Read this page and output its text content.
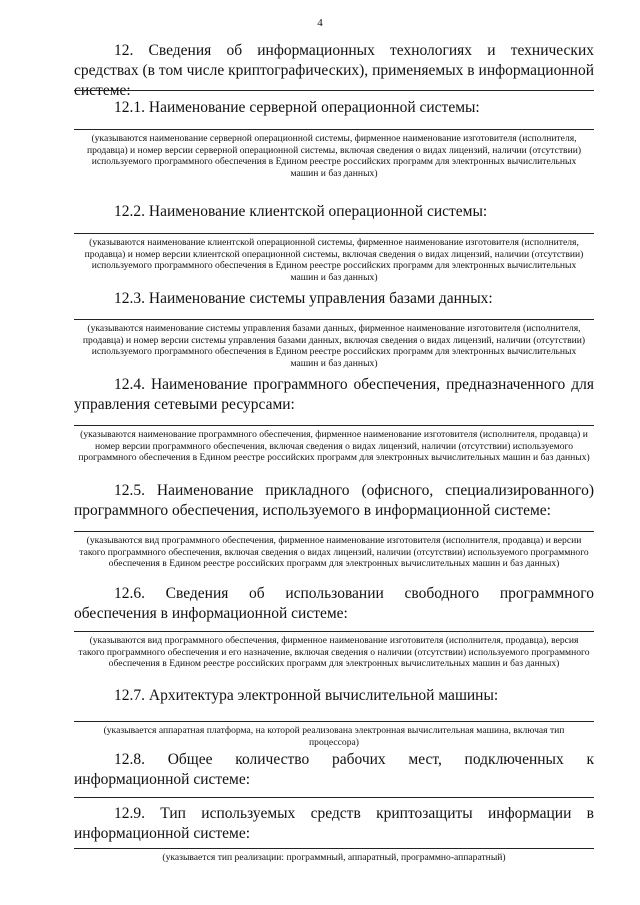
4
12. Сведения об информационных технологиях и технических средствах (в том числе криптографических), применяемых в информационной системе:
12.1. Наименование серверной операционной системы:
(указываются наименование серверной операционной системы, фирменное наименование изготовителя (исполнителя, продавца) и номер версии серверной операционной системы, включая сведения о видах лицензий, наличии (отсутствии) используемого программного обеспечения в Едином реестре российских программ для электронных вычислительных машин и баз данных)
12.2. Наименование клиентской операционной системы:
(указываются наименование клиентской операционной системы, фирменное наименование изготовителя (исполнителя, продавца) и номер версии клиентской операционной системы, включая сведения о видах лицензий, наличии (отсутствии) используемого программного обеспечения в Едином реестре российских программ для электронных вычислительных машин и баз данных)
12.3. Наименование системы управления базами данных:
(указываются наименование системы управления базами данных, фирменное наименование изготовителя (исполнителя, продавца) и номер версии системы управления базами данных, включая сведения о видах лицензий, наличии (отсутствии) используемого программного обеспечения в Едином реестре российских программ для электронных вычислительных машин и баз данных)
12.4. Наименование программного обеспечения, предназначенного для управления сетевыми ресурсами:
(указываются наименование программного обеспечения, фирменное наименование изготовителя (исполнителя, продавца) и номер версии программного обеспечения, включая сведения о видах лицензий, наличии (отсутствии) используемого программного обеспечения в Едином реестре российских программ для электронных вычислительных машин и баз данных)
12.5. Наименование прикладного (офисного, специализированного) программного обеспечения, используемого в информационной системе:
(указываются вид программного обеспечения, фирменное наименование изготовителя (исполнителя, продавца) и версии такого программного обеспечения, включая сведения о видах лицензий, наличии (отсутствии) используемого программного обеспечения в Едином реестре российских программ для электронных вычислительных машин и баз данных)
12.6. Сведения об использовании свободного программного обеспечения в информационной системе:
(указываются вид программного обеспечения, фирменное наименование изготовителя (исполнителя, продавца), версия такого программного обеспечения и его назначение, включая сведения о наличии (отсутствии) используемого программного обеспечения в Едином реестре российских программ для электронных вычислительных машин и баз данных)
12.7. Архитектура электронной вычислительной машины:
(указывается аппаратная платформа, на которой реализована электронная вычислительная машина, включая тип процессора)
12.8. Общее количество рабочих мест, подключенных к информационной системе:
12.9. Тип используемых средств криптозащиты информации в информационной системе:
(указывается тип реализации: программный, аппаратный, программно-аппаратный)
